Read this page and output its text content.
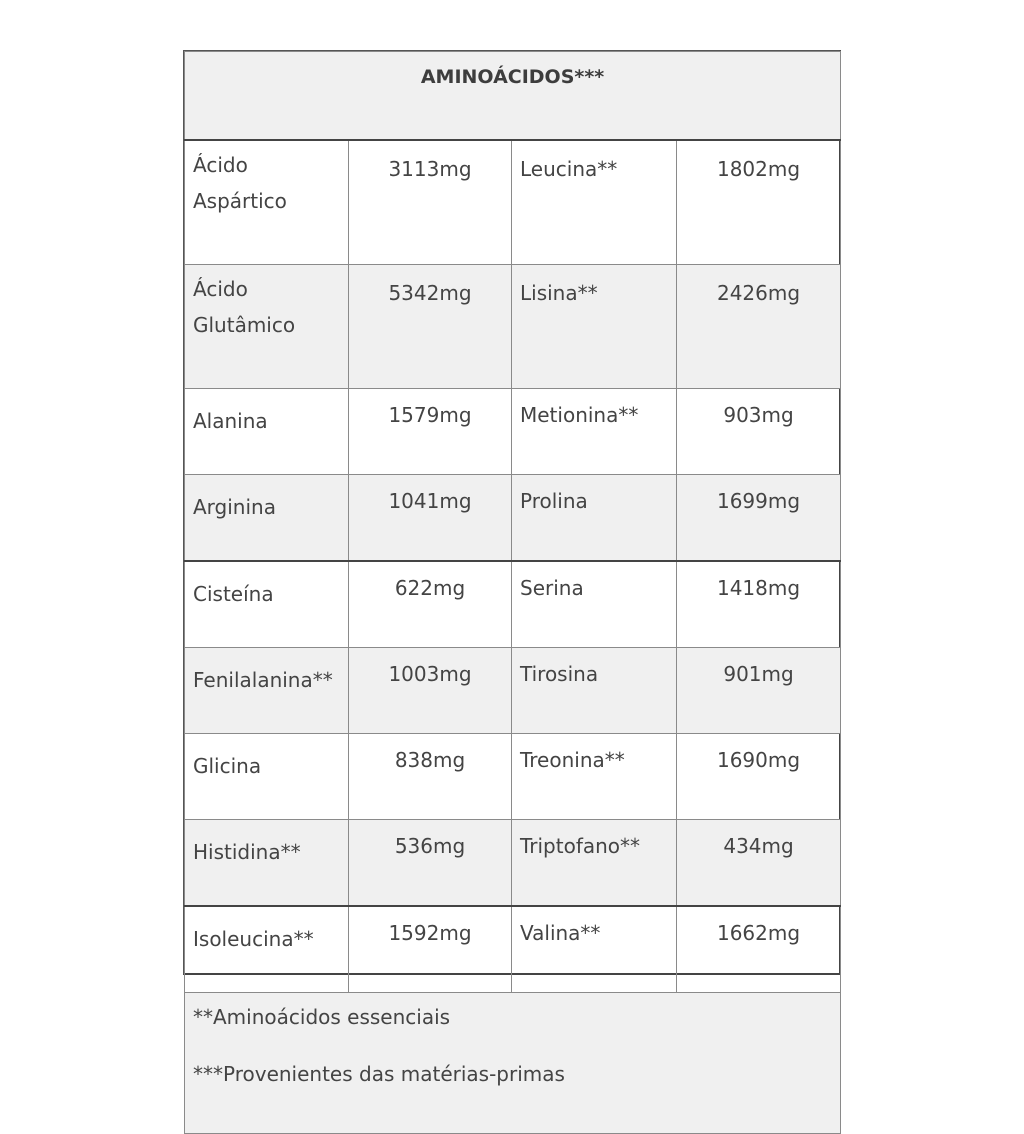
AMINOÁCIDOS***			
Ácido Aspártico	3113mg	Leucina**	1802mg
Ácido Glutâmico	5342mg	Lisina**	2426mg
Alanina	1579mg	Metionina**	903mg
Arginina	1041mg	Prolina	1699mg
Cisteína	622mg	Serina	1418mg
Fenilalanina**	1003mg	Tirosina	901mg
Glicina	838mg	Treonina**	1690mg
Histidina**	536mg	Triptofano**	434mg
Isoleucina**	1592mg	Valina**	1662mg

**Aminoácidos essenciais
***Provenientes das matérias-primas			
